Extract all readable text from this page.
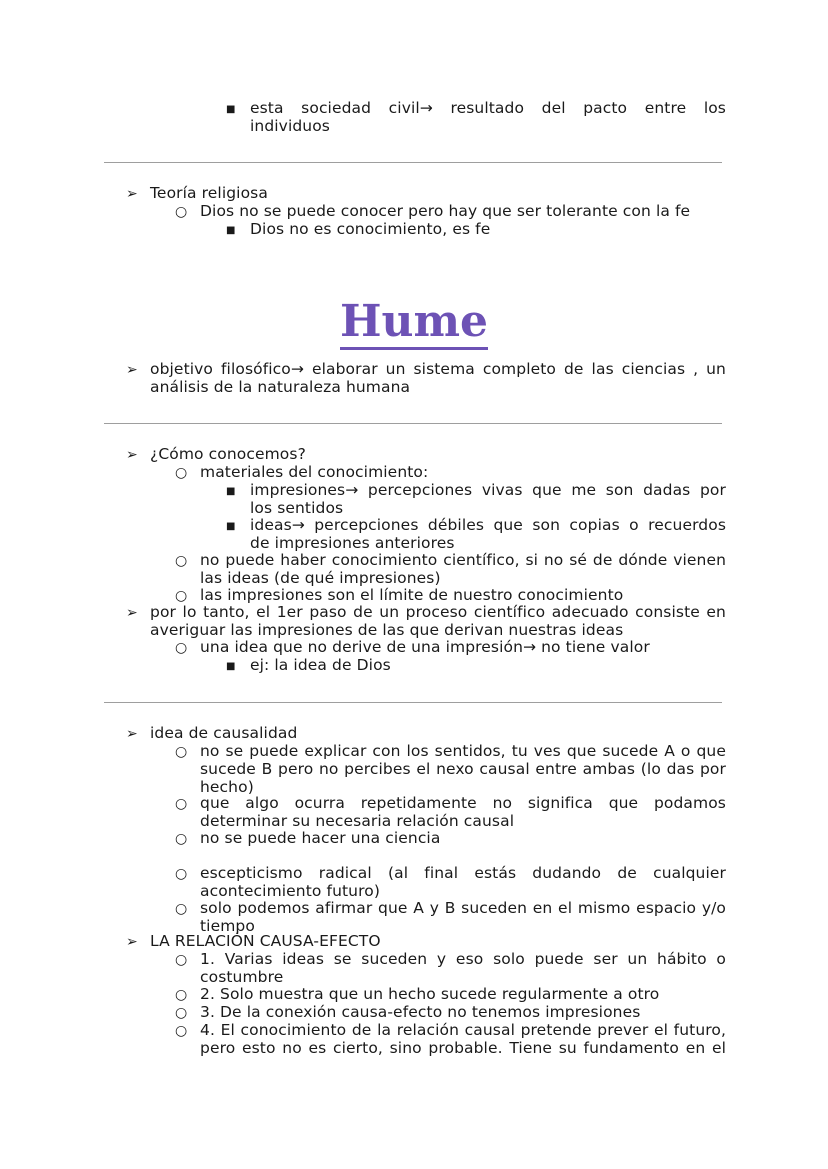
■ esta sociedad civil→ resultado del pacto entre los
individuos
➢ Teoría religiosa
○ Dios no se puede conocer pero hay que ser tolerante con la fe
■ Dios no es conocimiento, es fe
Hume
➢ objetivo filosófico→ elaborar un sistema completo de las ciencias , un
análisis de la naturaleza humana
➢ ¿Cómo conocemos?
○ materiales del conocimiento:
■ impresiones→ percepciones vivas que me son dadas por
los sentidos
■ ideas→ percepciones débiles que son copias o recuerdos
de impresiones anteriores
○ no puede haber conocimiento científico, si no sé de dónde vienen
las ideas (de qué impresiones)
○ las impresiones son el límite de nuestro conocimiento
➢ por lo tanto, el 1er paso de un proceso científico adecuado consiste en
averiguar las impresiones de las que derivan nuestras ideas
○ una idea que no derive de una impresión→ no tiene valor
■ ej: la idea de Dios
➢ idea de causalidad
○ no se puede explicar con los sentidos, tu ves que sucede A o que
sucede B pero no percibes el nexo causal entre ambas (lo das por
hecho)
○ que algo ocurra repetidamente no significa que podamos
determinar su necesaria relación causal
○ no se puede hacer una ciencia
○ escepticismo radical (al final estás dudando de cualquier
acontecimiento futuro)
○ solo podemos afirmar que A y B suceden en el mismo espacio y/o
tiempo
➢ LA RELACIÓN CAUSA-EFECTO
○ 1. Varias ideas se suceden y eso solo puede ser un hábito o
costumbre
○ 2. Solo muestra que un hecho sucede regularmente a otro
○ 3. De la conexión causa-efecto no tenemos impresiones
○ 4. El conocimiento de la relación causal pretende prever el futuro,
pero esto no es cierto, sino probable. Tiene su fundamento en el
